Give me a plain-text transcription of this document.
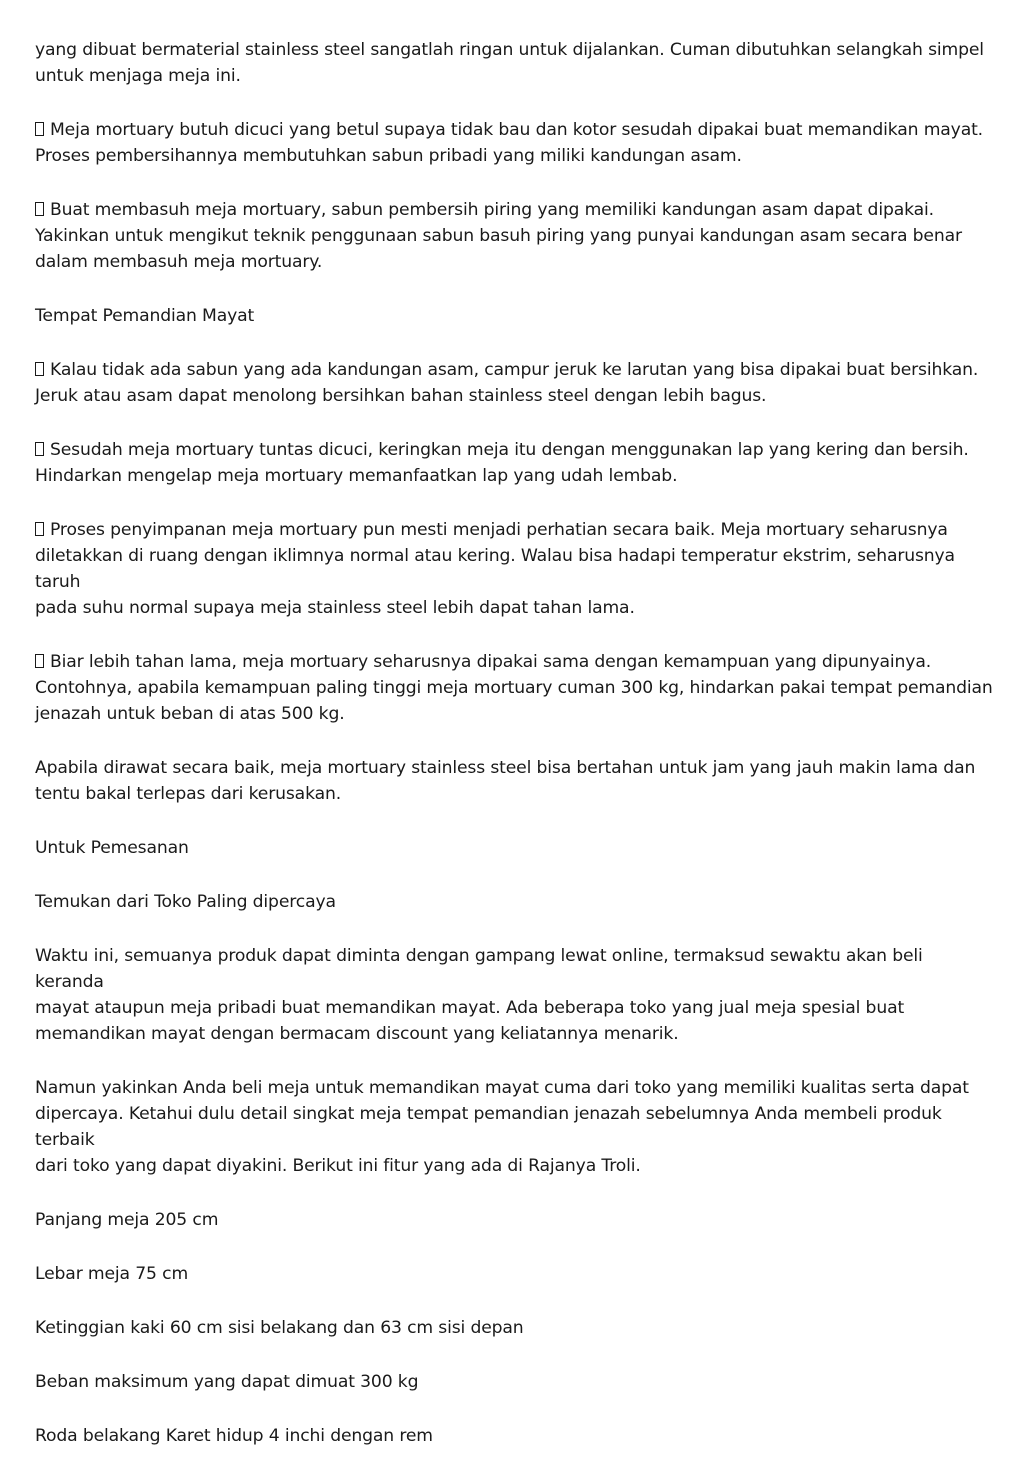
yang dibuat bermaterial stainless steel sangatlah ringan untuk dijalankan. Cuman dibutuhkan selangkah simpel
untuk menjaga meja ini.

Meja mortuary butuh dicuci yang betul supaya tidak bau dan kotor sesudah dipakai buat memandikan mayat.
Proses pembersihannya membutuhkan sabun pribadi yang miliki kandungan asam.

Buat membasuh meja mortuary, sabun pembersih piring yang memiliki kandungan asam dapat dipakai.
Yakinkan untuk mengikut teknik penggunaan sabun basuh piring yang punyai kandungan asam secara benar
dalam membasuh meja mortuary.

Tempat Pemandian Mayat

Kalau tidak ada sabun yang ada kandungan asam, campur jeruk ke larutan yang bisa dipakai buat bersihkan.
Jeruk atau asam dapat menolong bersihkan bahan stainless steel dengan lebih bagus.

Sesudah meja mortuary tuntas dicuci, keringkan meja itu dengan menggunakan lap yang kering dan bersih.
Hindarkan mengelap meja mortuary memanfaatkan lap yang udah lembab.

Proses penyimpanan meja mortuary pun mesti menjadi perhatian secara baik. Meja mortuary seharusnya
diletakkan di ruang dengan iklimnya normal atau kering. Walau bisa hadapi temperatur ekstrim, seharusnya taruh
pada suhu normal supaya meja stainless steel lebih dapat tahan lama.

Biar lebih tahan lama, meja mortuary seharusnya dipakai sama dengan kemampuan yang dipunyainya.
Contohnya, apabila kemampuan paling tinggi meja mortuary cuman 300 kg, hindarkan pakai tempat pemandian
jenazah untuk beban di atas 500 kg.

Apabila dirawat secara baik, meja mortuary stainless steel bisa bertahan untuk jam yang jauh makin lama dan
tentu bakal terlepas dari kerusakan.

Untuk Pemesanan

Temukan dari Toko Paling dipercaya

Waktu ini, semuanya produk dapat diminta dengan gampang lewat online, termaksud sewaktu akan beli keranda
mayat ataupun meja pribadi buat memandikan mayat. Ada beberapa toko yang jual meja spesial buat
memandikan mayat dengan bermacam discount yang keliatannya menarik.

Namun yakinkan Anda beli meja untuk memandikan mayat cuma dari toko yang memiliki kualitas serta dapat
dipercaya. Ketahui dulu detail singkat meja tempat pemandian jenazah sebelumnya Anda membeli produk terbaik
dari toko yang dapat diyakini. Berikut ini fitur yang ada di Rajanya Troli.

Panjang meja 205 cm

Lebar meja 75 cm

Ketinggian kaki 60 cm sisi belakang dan 63 cm sisi depan

Beban maksimum yang dapat dimuat 300 kg

Roda belakang Karet hidup 4 inchi dengan rem
